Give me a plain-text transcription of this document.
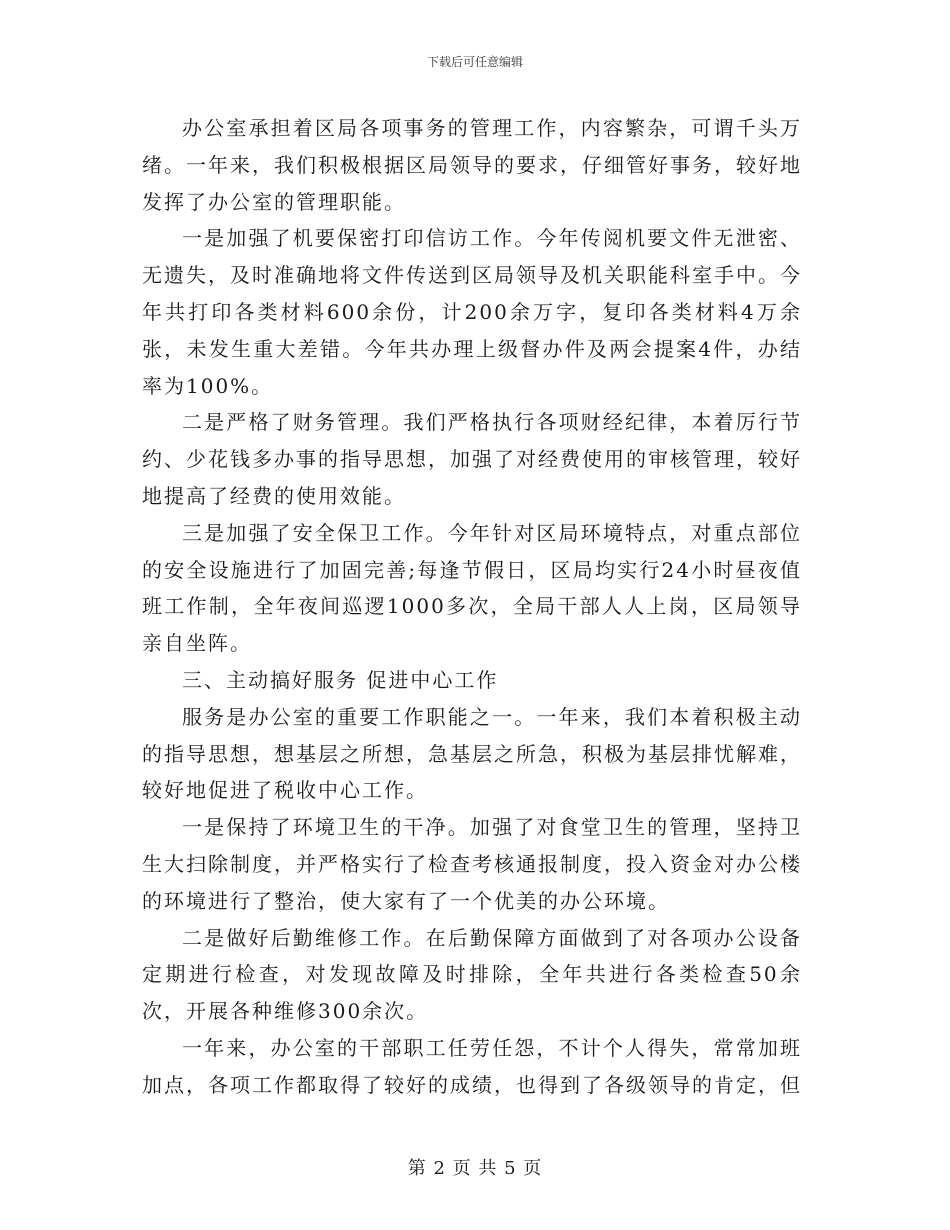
下载后可任意编辑

办公室承担着区局各项事务的管理工作，内容繁杂，可谓千头万绪。一年来，我们积极根据区局领导的要求，仔细管好事务，较好地发挥了办公室的管理职能。

一是加强了机要保密打印信访工作。今年传阅机要文件无泄密、无遗失，及时准确地将文件传送到区局领导及机关职能科室手中。今年共打印各类材料600余份，计200余万字，复印各类材料4万余张，未发生重大差错。今年共办理上级督办件及两会提案4件，办结率为100%。

二是严格了财务管理。我们严格执行各项财经纪律，本着厉行节约、少花钱多办事的指导思想，加强了对经费使用的审核管理，较好地提高了经费的使用效能。

三是加强了安全保卫工作。今年针对区局环境特点，对重点部位的安全设施进行了加固完善;每逢节假日，区局均实行24小时昼夜值班工作制，全年夜间巡逻1000多次，全局干部人人上岗，区局领导亲自坐阵。

三、主动搞好服务 促进中心工作

服务是办公室的重要工作职能之一。一年来，我们本着积极主动的指导思想，想基层之所想，急基层之所急，积极为基层排忧解难，较好地促进了税收中心工作。

一是保持了环境卫生的干净。加强了对食堂卫生的管理，坚持卫生大扫除制度，并严格实行了检查考核通报制度，投入资金对办公楼的环境进行了整治，使大家有了一个优美的办公环境。

二是做好后勤维修工作。在后勤保障方面做到了对各项办公设备定期进行检查，对发现故障及时排除，全年共进行各类检查50余次，开展各种维修300余次。

一年来，办公室的干部职工任劳任怨，不计个人得失，常常加班加点，各项工作都取得了较好的成绩，也得到了各级领导的肯定，但

第 2 页 共 5 页
